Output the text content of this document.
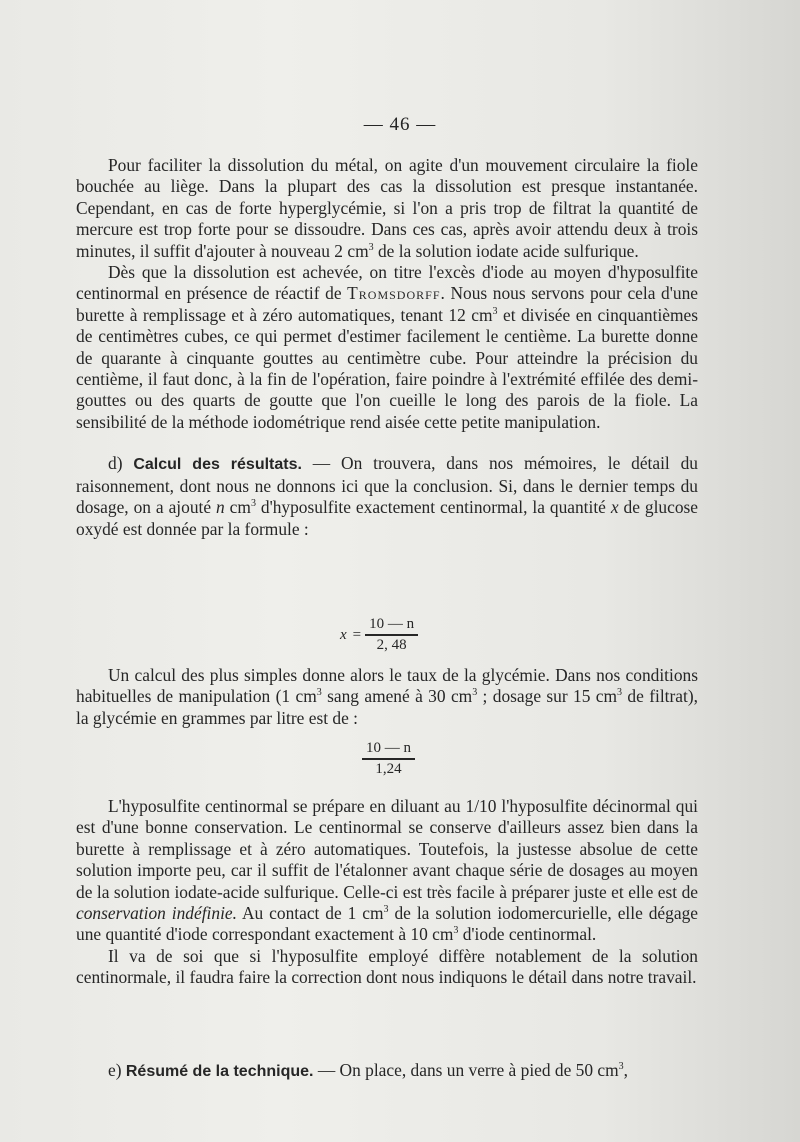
— 46 —

Pour faciliter la dissolution du métal, on agite d'un mouvement circulaire la fiole bouchée au liège. Dans la plupart des cas la dissolution est presque instantanée. Cependant, en cas de forte hyperglycémie, si l'on a pris trop de filtrat la quantité de mercure est trop forte pour se dissoudre. Dans ces cas, après avoir attendu deux à trois minutes, il suffit d'ajouter à nouveau 2 $cm^3$ de la solution iodate acide sulfurique.

Dès que la dissolution est achevée, on titre l'excès d'iode au moyen d'hyposulfite centinormal en présence de réactif de Tromsdorff. Nous nous servons pour cela d'une burette à remplissage et à zéro automatiques, tenant 12 $cm^3$ et divisée en cinquantièmes de centimètres cubes, ce qui permet d'estimer facilement le centième. La burette donne de quarante à cinquante gouttes au centimètre cube. Pour atteindre la précision du centième, il faut donc, à la fin de l'opération, faire poindre à l'extrémité effilée des demi-gouttes ou des quarts de goutte que l'on cueille le long des parois de la fiole. La sensibilité de la méthode iodométrique rend aisée cette petite manipulation.

d) Calcul des résultats. — On trouvera, dans nos mémoires, le détail du raisonnement, dont nous ne donnons ici que la conclusion. Si, dans le dernier temps du dosage, on a ajouté n $cm^3$ d'hyposulfite exactement centinormal, la quantité x de glucose oxydé est donnée par la formule :

$x = \frac{10 — n}{2, 48}$

Un calcul des plus simples donne alors le taux de la glycémie. Dans nos conditions habituelles de manipulation (1 $cm^3$ sang amené à 30 $cm^3$ ; dosage sur 15 $cm^3$ de filtrat), la glycémie en grammes par litre est de :

$\frac{10 — n}{1,24}$

L'hyposulfite centinormal se prépare en diluant au 1/10 l'hyposulfite décinormal qui est d'une bonne conservation. Le centinormal se conserve d'ailleurs assez bien dans la burette à remplissage et à zéro automatiques. Toutefois, la justesse absolue de cette solution importe peu, car il suffit de l'étalonner avant chaque série de dosages au moyen de la solution iodate-acide sulfurique. Celle-ci est très facile à préparer juste et elle est de conservation indéfinie. Au contact de 1 $cm^3$ de la solution iodomercurielle, elle dégage une quantité d'iode correspondant exactement à 10 $cm^3$ d'iode centinormal.

Il va de soi que si l'hyposulfite employé diffère notablement de la solution centinormale, il faudra faire la correction dont nous indiquons le détail dans notre travail.

e) Résumé de la technique. — On place, dans un verre à pied de 50 $cm^3$,
